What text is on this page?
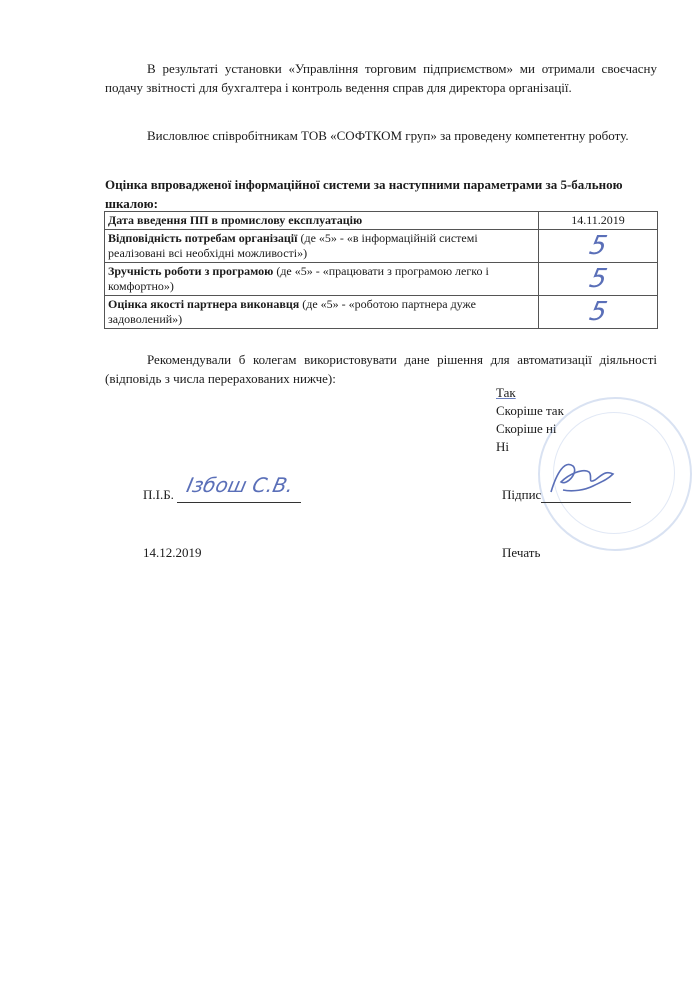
В результаті установки «Управління торговим підприємством» ми отримали своєчасну подачу звітності для бухгалтера і контроль ведення справ для директора організації.

Висловлює співробітникам ТОВ «СОФТКОМ груп» за проведену компетентну роботу.

Оцінка впровадженої інформаційної системи за наступними параметрами за 5-бальною шкалою:

Дата введення ПП в промислову експлуатацію	14.11.2019
Відповідність потребам організації (де «5» - «в інформаційній системі реалізовані всі необхідні можливості»)	5
Зручність роботи з програмою (де «5» - «працювати з програмою легко і комфортно»)	5
Оцінка якості партнера виконавця (де «5» - «роботою партнера дуже задоволений»)	5

Рекомендували б колегам використовувати дане рішення для автоматизації діяльності (відповідь з числа перерахованих нижче):

Так
Скоріше так
Скоріше ні
Ні
П.І.Б. Ізбош С.В.	Підпис
14.12.2019	Печать
